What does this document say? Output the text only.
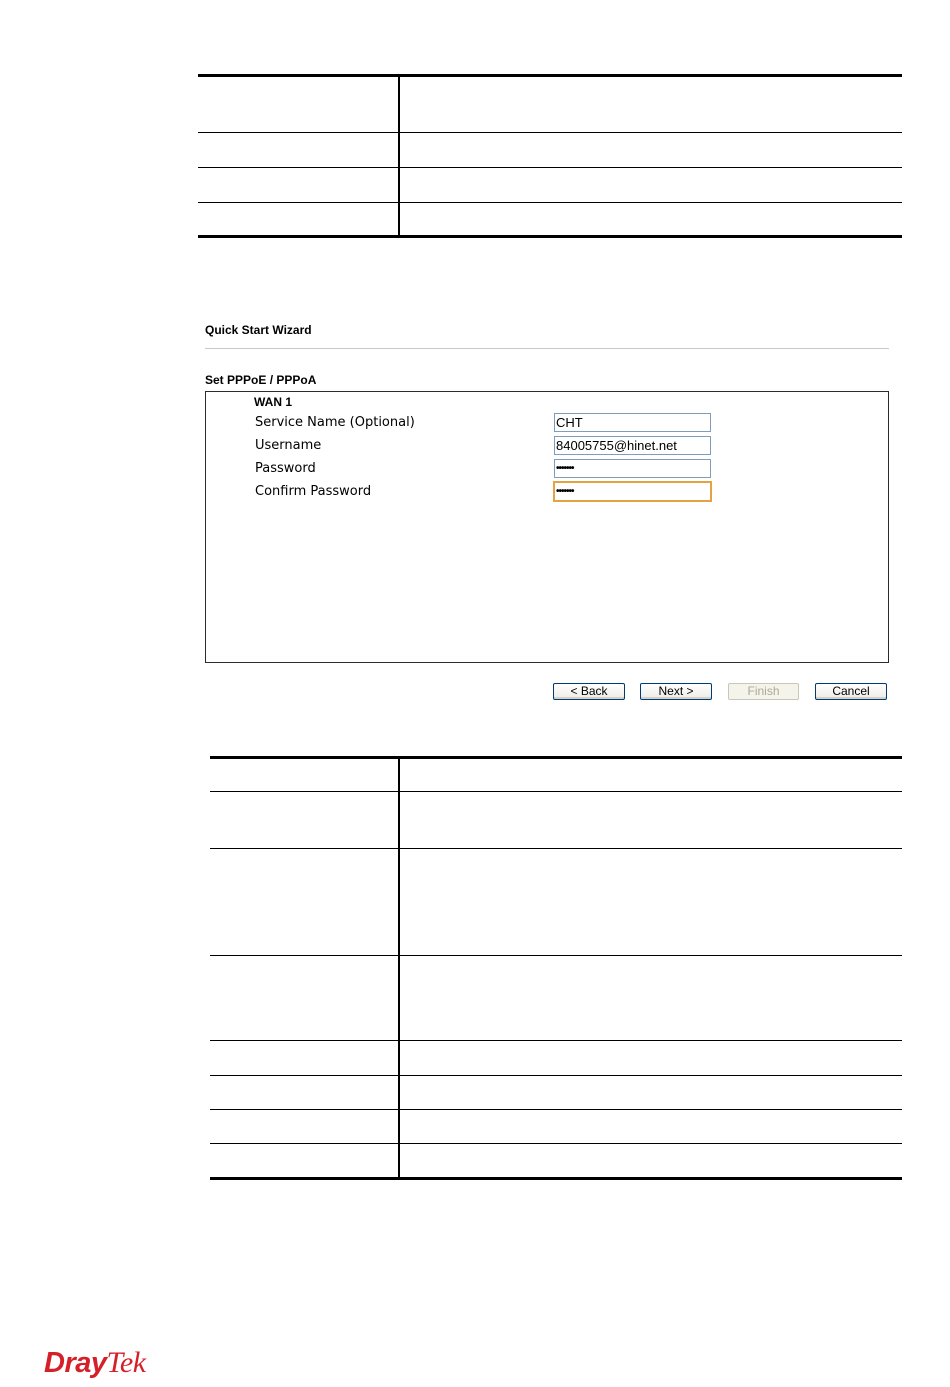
Quick Start Wizard
Set PPPoE / PPPoA
WAN 1
Service Name (Optional)	CHT
Username	84005755@hinet.net
Password	•••••••
Confirm Password	•••••••
< Back	Next >	Finish	Cancel
DrayTek
